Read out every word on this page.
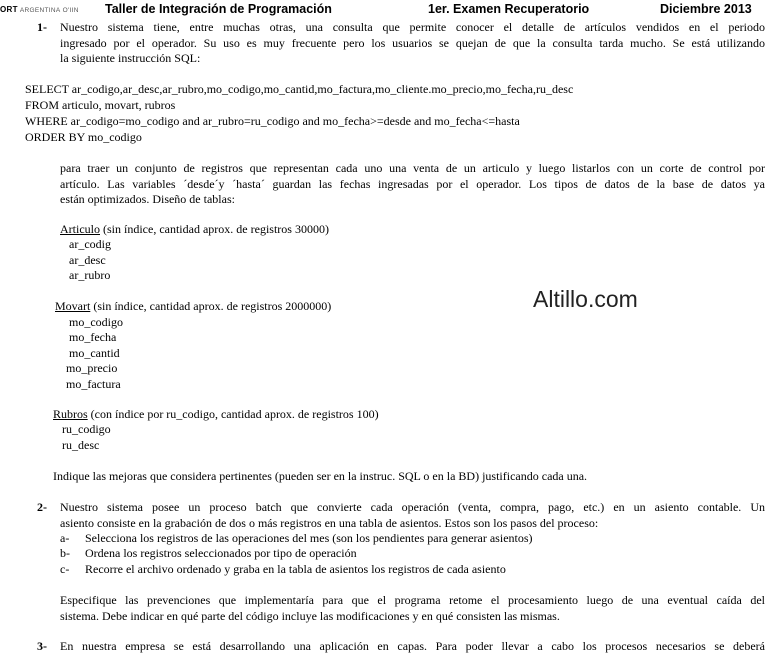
ORT ARGENTINA O'IIN Taller de Integración de Programación	1er. Examen Recuperatorio	Diciembre 2013
1- Nuestro sistema tiene, entre muchas otras, una consulta que permite conocer el detalle de artículos vendidos en el periodo
ingresado por el operador. Su uso es muy frecuente pero los usuarios se quejan de que la consulta tarda mucho. Se está utilizando
la siguiente instrucción SQL:
SELECT ar_codigo,ar_desc,ar_rubro,mo_codigo,mo_cantid,mo_factura,mo_cliente.mo_precio,mo_fecha,ru_desc
FROM articulo, movart, rubros
WHERE ar_codigo=mo_codigo and ar_rubro=ru_codigo and mo_fecha>=desde and mo_fecha<=hasta
ORDER BY mo_codigo
para traer un conjunto de registros que representan cada uno una venta de un articulo y luego listarlos con un corte de control por
artículo. Las variables ´desde´y ´hasta´ guardan las fechas ingresadas por el operador. Los tipos de datos de la base de datos ya
están optimizados. Diseño de tablas:
Articulo (sin índice, cantidad aprox. de registros 30000)
ar_codig
ar_desc
ar_rubro
Altillo.com
Movart (sin índice, cantidad aprox. de registros 2000000)
mo_codigo
mo_fecha
mo_cantid
mo_precio
mo_factura
Rubros (con índice por ru_codigo, cantidad aprox. de registros 100)
ru_codigo
ru_desc
Indique las mejoras que considera pertinentes (pueden ser en la instruc. SQL o en la BD) justificando cada una.
2- Nuestro sistema posee un proceso batch que convierte cada operación (venta, compra, pago, etc.) en un asiento contable. Un
asiento consiste en la grabación de dos o más registros en una tabla de asientos. Estos son los pasos del proceso:
a- Selecciona los registros de las operaciones del mes (son los pendientes para generar asientos)
b- Ordena los registros seleccionados por tipo de operación
c- Recorre el archivo ordenado y graba en la tabla de asientos los registros de cada asiento
Especifique las prevenciones que implementaría para que el programa retome el procesamiento luego de una eventual caída del
sistema. Debe indicar en qué parte del código incluye las modificaciones y en qué consisten las mismas.
3- En nuestra empresa se está desarrollando una aplicación en capas. Para poder llevar a cabo los procesos necesarios se deberá
